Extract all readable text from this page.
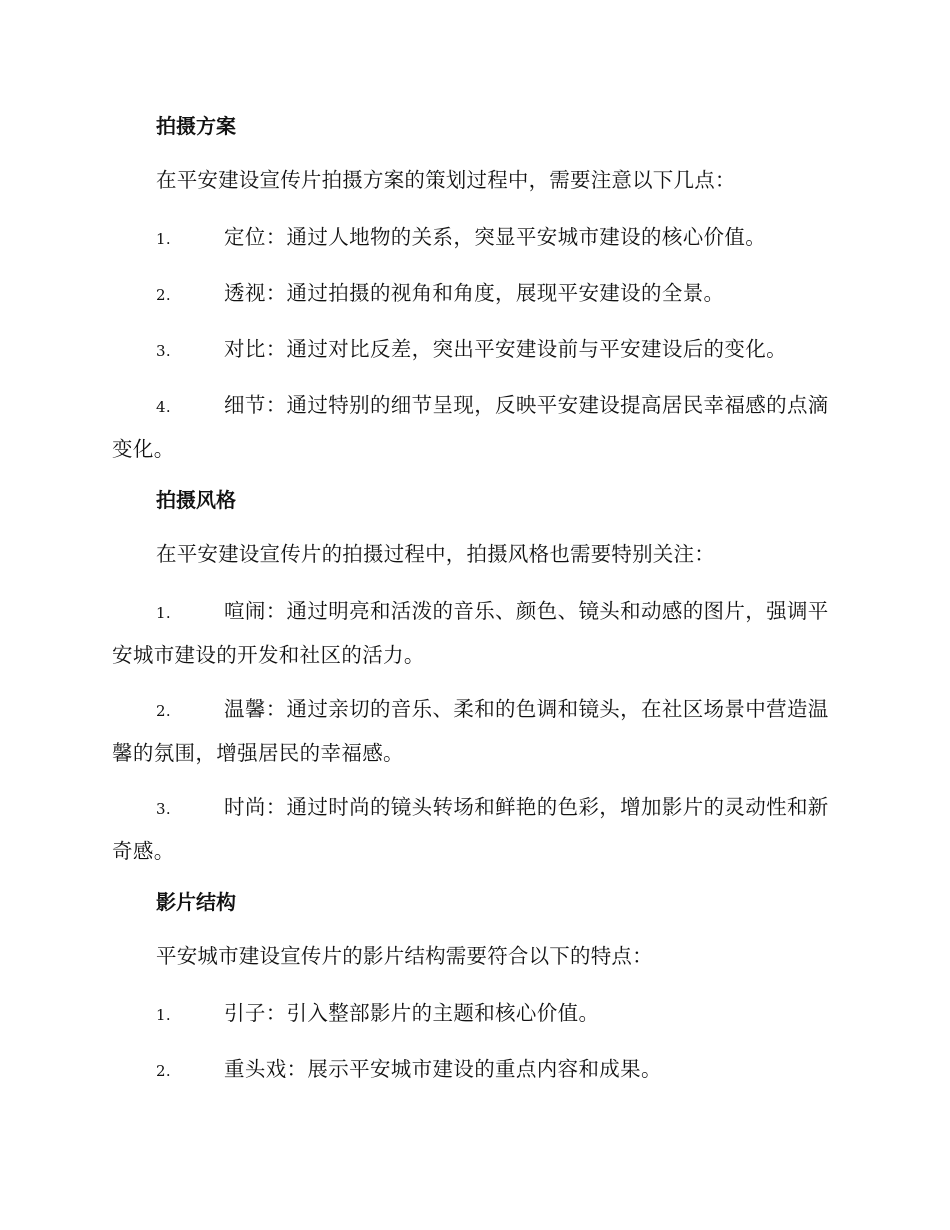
拍摄方案
在平安建设宣传片拍摄方案的策划过程中，需要注意以下几点：
1.	定位：通过人地物的关系，突显平安城市建设的核心价值。
2.	透视：通过拍摄的视角和角度，展现平安建设的全景。
3.	对比：通过对比反差，突出平安建设前与平安建设后的变化。
4.	细节：通过特别的细节呈现，反映平安建设提高居民幸福感的点滴变化。
拍摄风格
在平安建设宣传片的拍摄过程中，拍摄风格也需要特别关注：
1.	喧闹：通过明亮和活泼的音乐、颜色、镜头和动感的图片，强调平安城市建设的开发和社区的活力。
2.	温馨：通过亲切的音乐、柔和的色调和镜头，在社区场景中营造温馨的氛围，增强居民的幸福感。
3.	时尚：通过时尚的镜头转场和鲜艳的色彩，增加影片的灵动性和新奇感。
影片结构
平安城市建设宣传片的影片结构需要符合以下的特点：
1.	引子：引入整部影片的主题和核心价值。
2.	重头戏：展示平安城市建设的重点内容和成果。
